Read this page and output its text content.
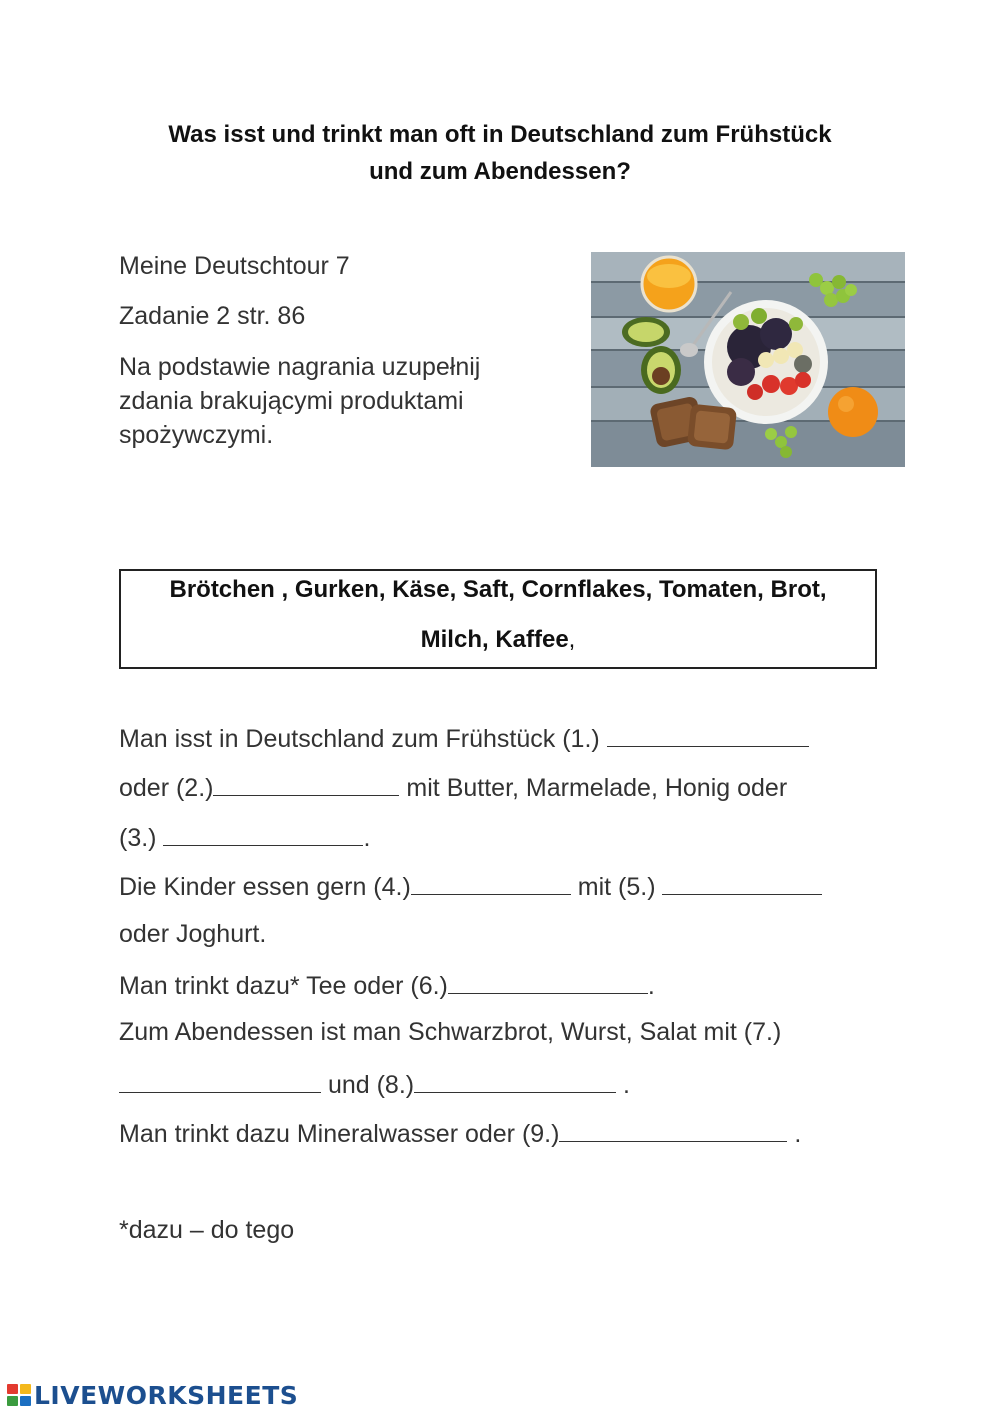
Was isst und trinkt man oft in Deutschland zum Frühstück
und zum Abendessen?

Meine Deutschtour 7

Zadanie 2 str. 86

Na podstawie nagrania uzupełnij
zdania brakującymi produktami
spożywczymi.

Brötchen , Gurken, Käse, Saft, Cornflakes, Tomaten, Brot,
Milch, Kaffee,
Man isst in Deutschland zum Frühstück (1.)
oder (2.)	mit Butter, Marmelade, Honig oder
(3.)	.
Die Kinder essen gern (4.)	mit (5.)
oder Joghurt.
Man trinkt dazu* Tee oder (6.)	.
Zum Abendessen ist man Schwarzbrot, Wurst, Salat mit (7.)
und (8.)	.
Man trinkt dazu Mineralwasser oder (9.)	.
*dazu – do tego
LIVEWORKSHEETS
